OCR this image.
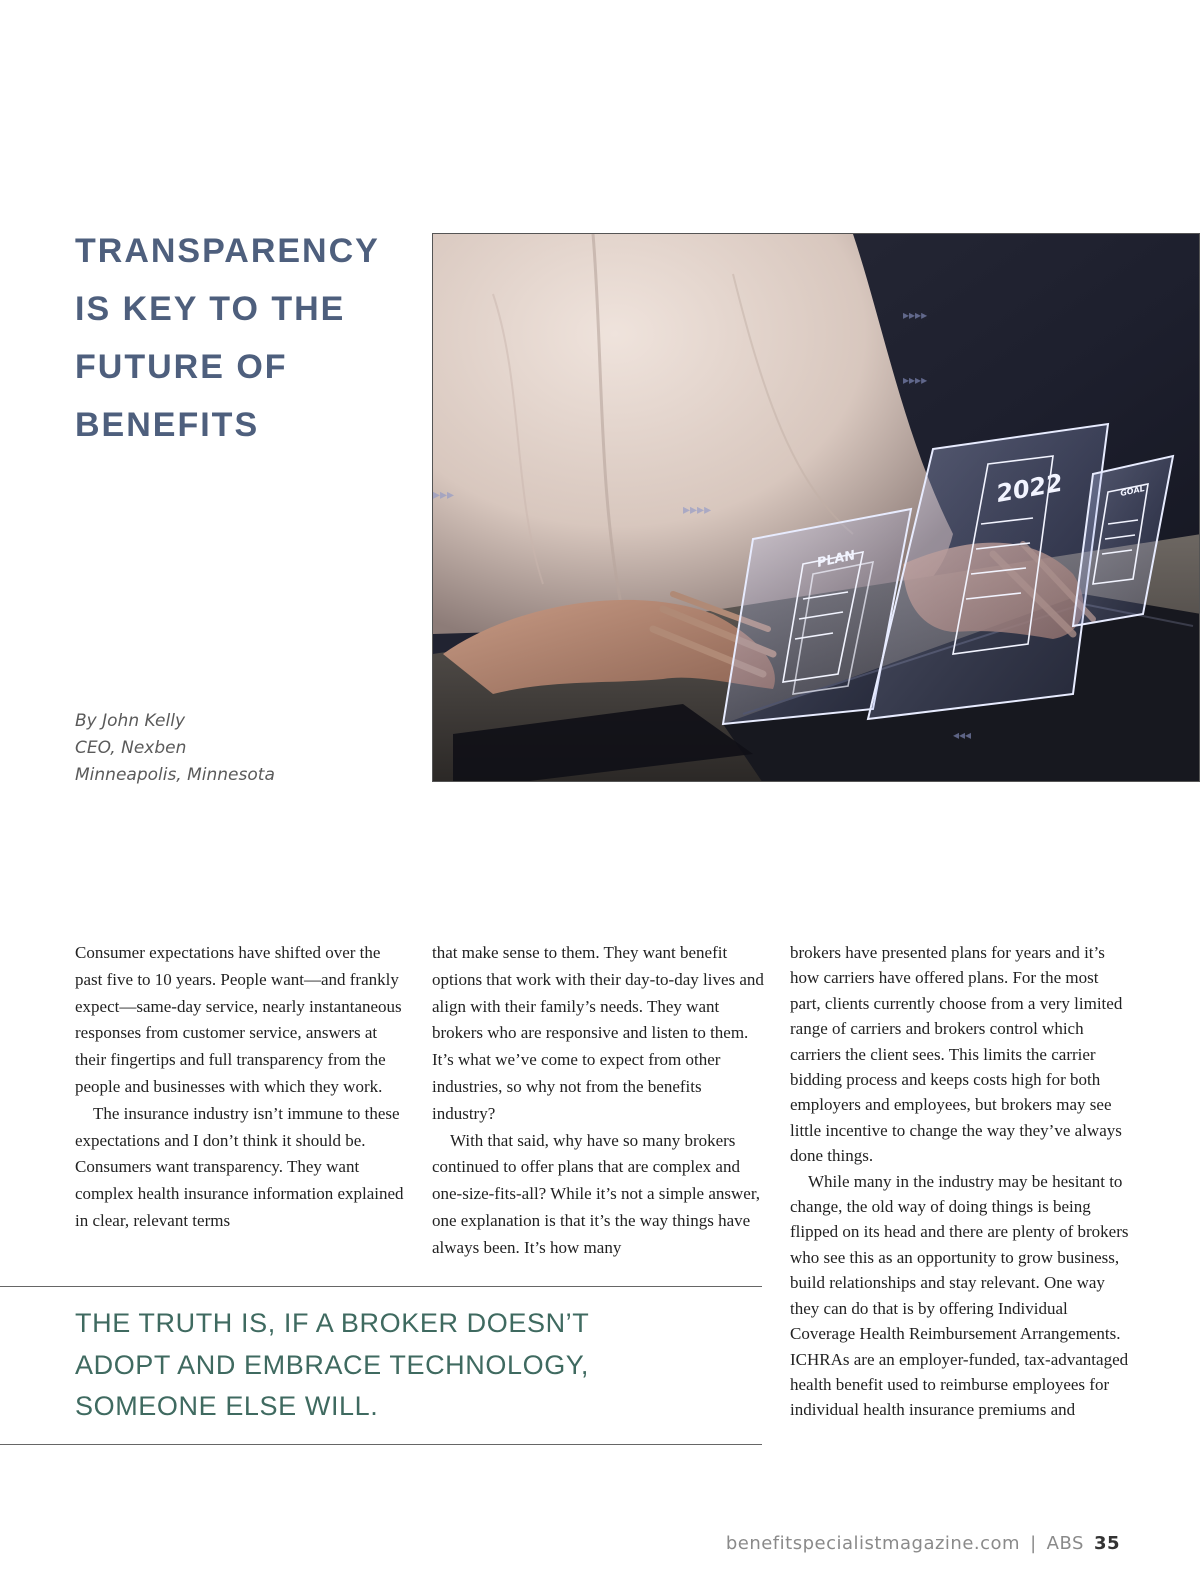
TRANSPARENCY
IS KEY TO THE
FUTURE OF
BENEFITS
By John Kelly
CEO, Nexben
Minneapolis, Minnesota
▸▸▸▸
▸▸▸▸
▸▸▸▸
▸▸▸
◂◂◂
PLAN
2022	GOAL

Consumer expectations have shifted over the past five to 10 years. People want—and frankly expect—same-day service, nearly instantaneous responses from customer service, answers at their fingertips and full transparency from the people and businesses with which they work.

The insurance industry isn’t immune to these expectations and I don’t think it should be. Consumers want transparency. They want complex health insurance information explained in clear, relevant terms

that make sense to them. They want benefit options that work with their day-to-day lives and align with their family’s needs. They want brokers who are responsive and listen to them. It’s what we’ve come to expect from other industries, so why not from the benefits industry?

With that said, why have so many brokers continued to offer plans that are complex and one-size-fits-all? While it’s not a simple answer, one explanation is that it’s the way things have always been. It’s how many

brokers have presented plans for years and it’s how carriers have offered plans. For the most part, clients currently choose from a very limited range of carriers and brokers control which carriers the client sees. This limits the carrier bidding process and keeps costs high for both employers and employees, but brokers may see little incentive to change the way they’ve always done things.

While many in the industry may be hesitant to change, the old way of doing things is being flipped on its head and there are plenty of brokers who see this as an opportunity to grow business, build relationships and stay relevant. One way they can do that is by offering Individual Coverage Health Reimbursement Arrangements. ICHRAs are an employer-funded, tax-advantaged health benefit used to reimburse employees for individual health insurance premiums and

THE TRUTH IS, IF A BROKER DOESN’T
ADOPT AND EMBRACE TECHNOLOGY,
SOMEONE ELSE WILL.
benefitspecialistmagazine.com | ABS 35
